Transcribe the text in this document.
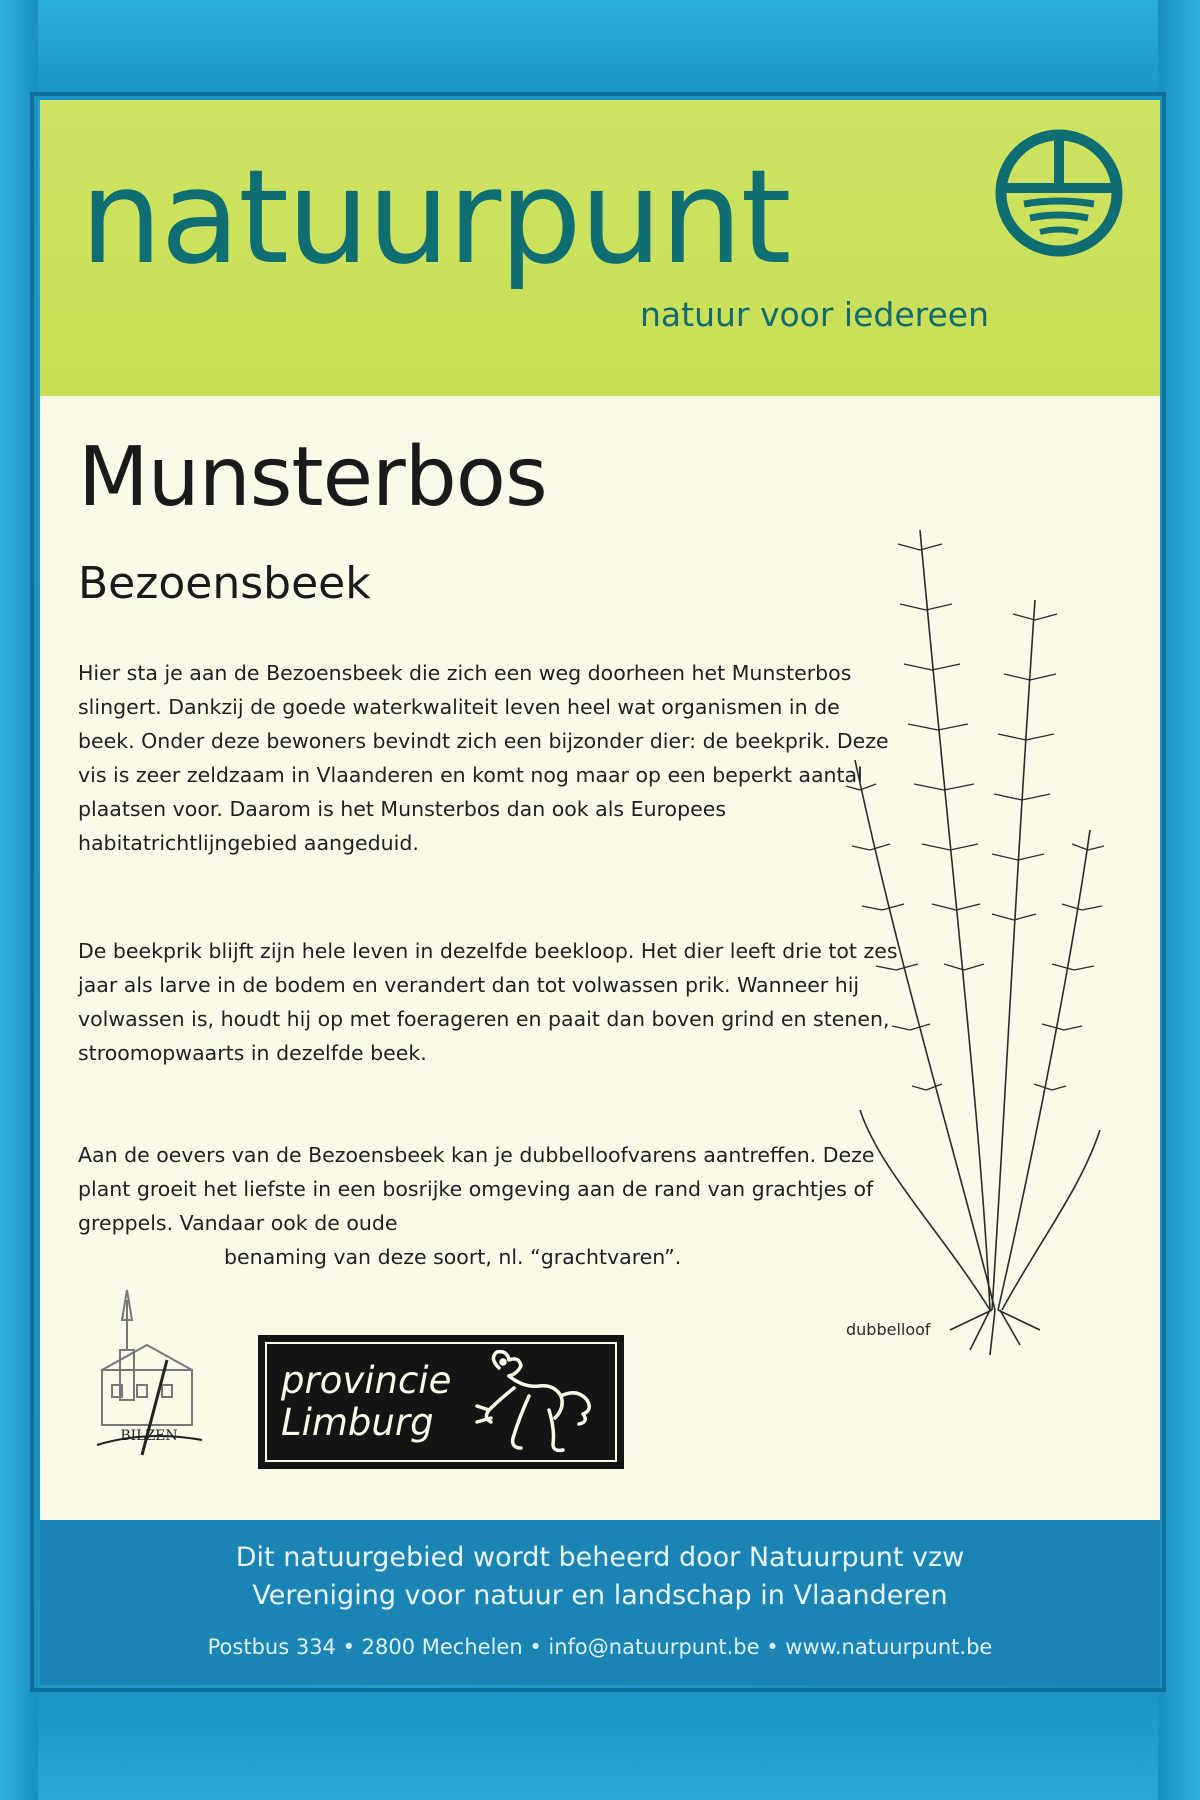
natuurpunt
natuur voor iedereen
Munsterbos
Bezoensbeek
Hier sta je aan de Bezoensbeek die zich een weg doorheen het Munsterbos slingert. Dankzij de goede waterkwaliteit leven heel wat organismen in de beek. Onder deze bewoners bevindt zich een bijzonder dier: de beekprik. Deze vis is zeer zeldzaam in Vlaanderen en komt nog maar op een beperkt aantal plaatsen voor. Daarom is het Munsterbos dan ook als Europees habitatrichtlijngebied aangeduid.
De beekprik blijft zijn hele leven in dezelfde beekloop. Het dier leeft drie tot zes jaar als larve in de bodem en verandert dan tot volwassen prik. Wanneer hij volwassen is, houdt hij op met foerageren en paait dan boven grind en stenen, stroomopwaarts in dezelfde beek.
Aan de oevers van de Bezoensbeek kan je dubbelloofvarens aantreffen. Deze plant groeit het liefste in een bosrijke omgeving aan de rand van grachtjes of greppels. Vandaar ook de oude
benaming van deze soort, nl. “grachtvaren”.
dubbelloof
BILZEN
provincie
Limburg
Dit natuurgebied wordt beheerd door Natuurpunt vzw
Vereniging voor natuur en landschap in Vlaanderen
Postbus 334 • 2800 Mechelen • info@natuurpunt.be • www.natuurpunt.be
